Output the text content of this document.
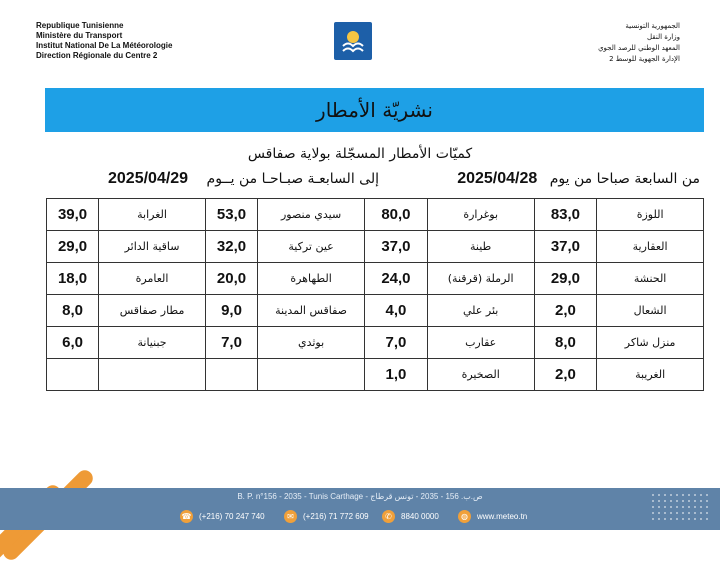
Republique Tunisienne
Ministère du Transport
Institut National De La Météorologie
Direction Régionale du Centre 2
الجمهورية التونسية
وزارة النقل
المعهد الوطني للرصد الجوي
الإدارة الجهوية للوسط 2
نشريّة الأمطار
كميّات الأمطار المسجّلة بولاية صفاقس
2025/04/28 من السابعة صباحا من يوم
2025/04/29 إلى السابعـة صبـاحـا من يــوم
اللوزة	83,0	بوغرارة	80,0	سيدي منصور	53,0	الغرابة	39,0
العقارية	37,0	طينة	37,0	عين تركية	32,0	ساقية الدائر	29,0
الحنشة	29,0	الرملة (قرقنة)	24,0	الطهاهرة	20,0	العامرة	18,0
الشعال	2,0	بئر علي	4,0	صفاقس المدينة	9,0	مطار صفاقس	8,0
منزل شاكر	8,0	عقارب	7,0	بوثدي	7,0	جبنيانة	6,0
الغريبة	2,0	الصخيرة	1,0				
B. P. n°156 - 2035 - Tunis Carthage - ص.ب. 156 - 2035 - تونس قرطاج
☎ (+216) 70 247 740	✉	(+216) 71 772 609	✆	8840 0000	◍	www.meteo.tn
